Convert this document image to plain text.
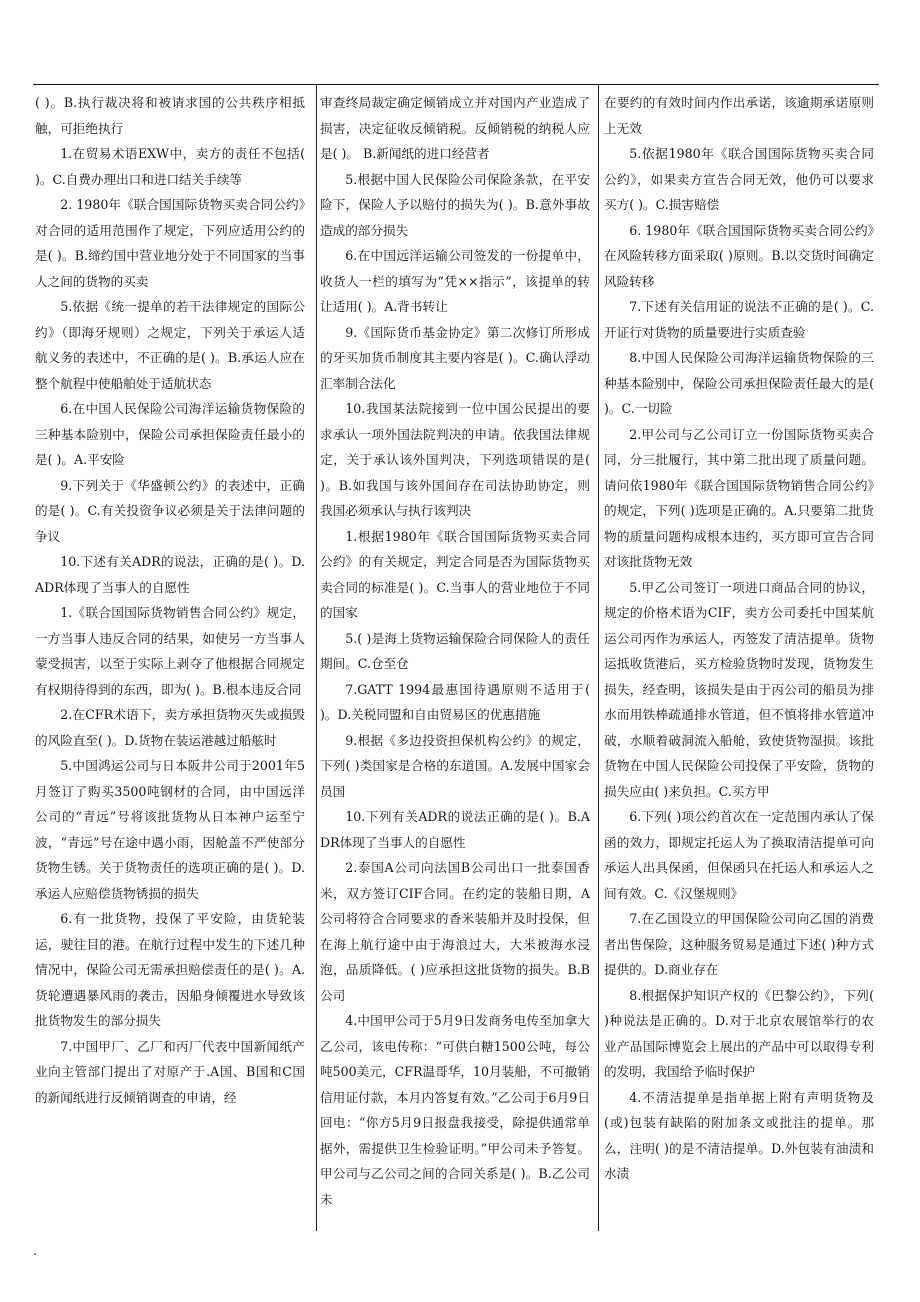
( )。B.执行裁决将和被请求国的公共秩序相抵触，可拒绝执行

1.在贸易术语EXW中，卖方的责任不包括( )。C.自费办理出口和进口结关手续等

2. 1980年《联合国国际货物买卖合同公约》对合同的适用范围作了规定，下列应适用公约的是( )。B.缔约国中营业地分处于不同国家的当事人之间的货物的买卖

5.依据《统一提单的若干法律规定的国际公约》（即海牙规则）之规定，下列关于承运人适 航义务的表述中，不正确的是( )。B.承运人应在整个航程中使船舶处于适航状态

6.在中国人民保险公司海洋运输货物保险的三种基本险别中，保险公司承担保险责任最小的是( )。A.平安险

9.下列关于《华盛顿公约》的表述中，正确的是( )。C.有关投资争议必须是关于法律问题的争议

10.下述有关ADR的说法，正确的是( )。D.ADR体现了当事人的自愿性

1.《联合国国际货物销售合同公约》规定，一方当事人违反合同的结果，如使另一方当事人蒙受损害，以至于实际上剥夺了他根据合同规定有权期待得到的东西，即为( )。B.根本违反合同

2.在CFR术语下，卖方承担货物灭失或损毁的风险直至( )。D.货物在装运港越过船舷时

5.中国鸿运公司与日本阪井公司于2001年5月签订了购买3500吨钢材的合同，由中国远洋公司的“青远”号将该批货物从日本神户运至宁波，“青远”号在途中遇小雨，因舱盖不严使部分货物生锈。关于货物责任的选项正确的是( )。D.承运人应赔偿货物锈损的损失

6.有一批货物，投保了平安险，由货轮装运，驶往目的港。在航行过程中发生的下述几种情况中，保险公司无需承担赔偿责任的是( )。A.货轮遭遇暴风雨的袭击，因船身倾覆进水导致该批货物发生的部分损失

7.中国甲厂、乙厂和丙厂代表中国新闻纸产业向主管部门提出了对原产于.A国、B国和C国的新闻纸进行反倾销调查的申请，经

审查终局裁定确定倾销成立并对国内产业造成了损害，决定征收反倾销税。反倾销税的纳税人应是( )。 B.新闻纸的进口经营者

5.根据中国人民保险公司保险条款，在平安险下，保险人予以赔付的损失为( )。B.意外事故造成的部分损失

6.在中国远洋运输公司签发的一份提单中，收货人一栏的填写为“凭××指示”，该提单的转让适用( )。A.背书转让

9.《国际货币基金协定》第二次修订所形成的牙买加货币制度其主要内容是( )。C.确认浮动汇率制合法化

10.我国某法院接到一位中国公民提出的要求承认一项外国法院判决的申请。依我国法律规定，关于承认该外国判决，下列选项错误的是( )。B.如我国与该外国间存在司法协助协定，则我国必须承认与执行该判决

1.根据1980年《联合国国际货物买卖合同公约》的有关规定，判定合同是否为国际货物买卖合同的标准是( )。C.当事人的营业地位于不同的国家

5.( )是海上货物运输保险合同保险人的责任期间。C.仓至仓

7.GATT 1994最惠国待遇原则不适用于( )。D.关税同盟和自由贸易区的优惠措施

9.根据《多边投资担保机构公约》的规定，下列( )类国家是合格的东道国。A.发展中国家会员国

10.下列有关ADR的说法正确的是( )。B.ADR体现了当事人的自愿性

2.泰国A公司向法国B公司出口一批泰国香米，双方签订CIF合同。在约定的装船日期，A公司将符合合同要求的香米装船并及时投保，但在海上航行途中由于海浪过大，大米被海水浸泡，品质降低。( )应承担这批货物的损失。B.B公司

4.中国甲公司于5月9日发商务电传至加拿大乙公司，该电传称：“可供白糖1500公吨，每公吨500美元，CFR温哥华，10月装船，不可撤销信用证付款，本月内答复有效。”乙公司于6月9日回电：“你方5月9日报盘我接受，除提供通常单据外，需提供卫生检验证明。”甲公司未予答复。甲公司与乙公司之间的合同关系是( )。B.乙公司未

在要约的有效时间内作出承诺，该逾期承诺原则上无效

5.依据1980年《联合国国际货物买卖合同公约》，如果卖方宣告合同无效，他仍可以要求买方( )。C.损害赔偿

6. 1980年《联合国国际货物买卖合同公约》在风险转移方面采取( )原则。B.以交货时间确定风险转移

7.下述有关信用证的说法不正确的是( )。C.开证行对货物的质量要进行实质查验

8.中国人民保险公司海洋运输货物保险的三种基本险别中，保险公司承担保险责任最大的是( )。C.一切险

2.甲公司与乙公司订立一份国际货物买卖合同，分三批履行，其中第二批出现了质量问题。请问依1980年《联合国国际货物销售合同公约》的规定，下列( )选项是正确的。A.只要第二批货物的质量问题构成根本违约，买方即可宣告合同对该批货物无效

5.甲乙公司签订一项进口商品合同的协议，规定的价格术语为CIF，卖方公司委托中国某航运公司丙作为承运人，丙签发了清洁提单。货物运抵收货港后，买方检验货物时发现，货物发生损失，经查明，该损失是由于丙公司的船员为排水而用铁棒疏通排水管道，但不慎将排水管道冲破，水顺着破洞流入船舱，致使货物湿损。该批货物在中国人民保险公司投保了平安险，货物的损失应由( )来负担。C.买方甲

6.下列( )项公约首次在一定范围内承认了保函的效力，即规定托运人为了换取清洁提单可向承运人出具保函，但保函只在托运人和承运人之间有效。C.《汉堡规则》

7.在乙国设立的甲国保险公司向乙国的消费者出售保险，这种服务贸易是通过下述( )种方式提供的。D.商业存在

8.根据保护知识产权的《巴黎公约》，下列( )种说法是正确的。D.对于北京农展馆举行的农业产品国际博览会上展出的产品中可以取得专利的发明，我国给予临时保护

4.不清洁提单是指单据上附有声明货物及(或)包装有缺陷的附加条文或批注的提单。那么，注明( )的是不清洁提单。D.外包装有油渍和水渍

.
